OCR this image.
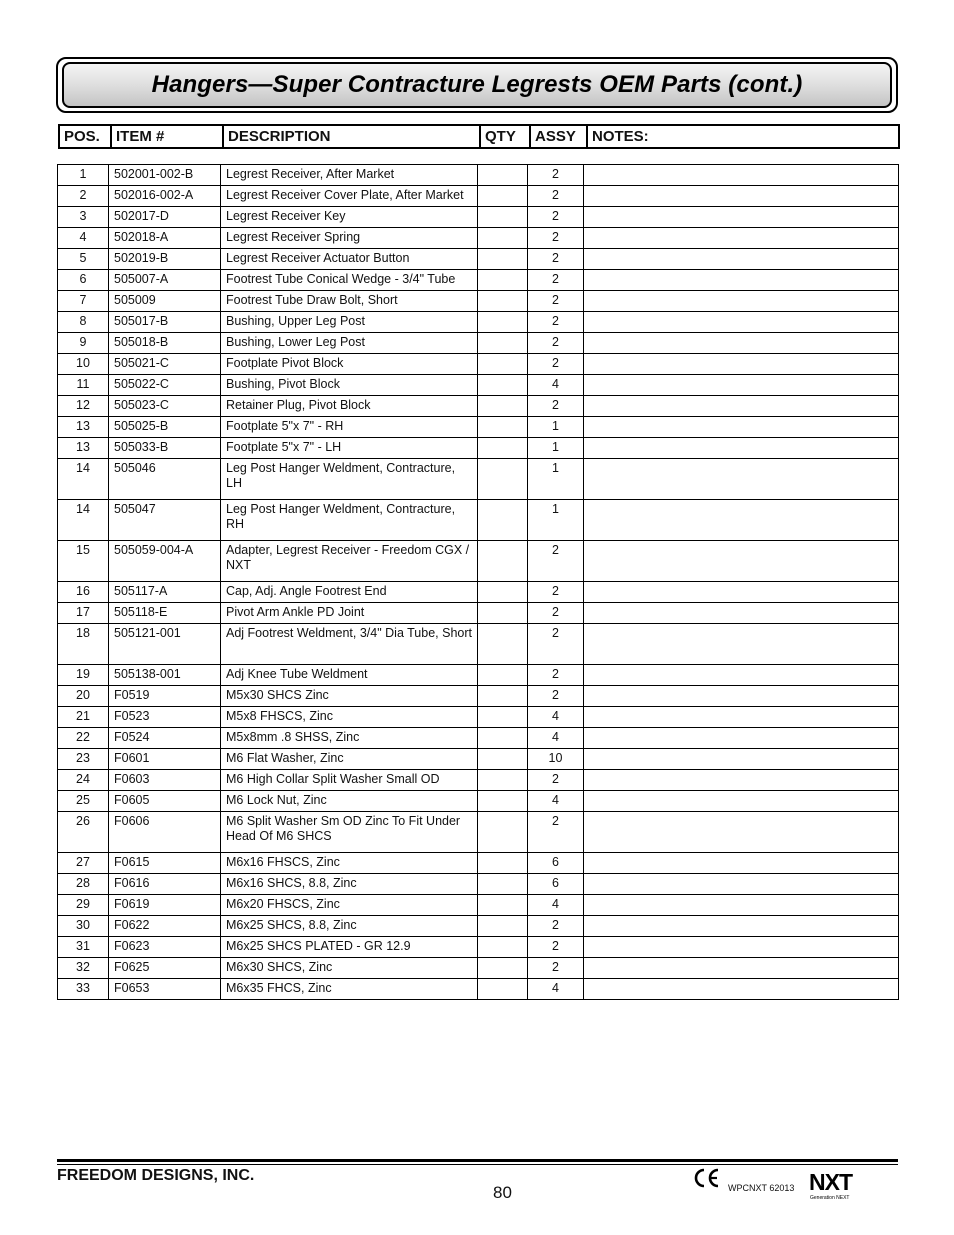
Hangers—Super Contracture Legrests OEM Parts (cont.)
POS.	ITEM #	DESCRIPTION	QTY	ASSY	NOTES:
1	502001-002-B	Legrest Receiver, After Market		2	
2	502016-002-A	Legrest Receiver Cover Plate, After Market		2	
3	502017-D	Legrest Receiver Key		2	
4	502018-A	Legrest Receiver Spring		2	
5	502019-B	Legrest Receiver Actuator Button		2	
6	505007-A	Footrest Tube Conical Wedge - 3/4" Tube		2	
7	505009	Footrest Tube Draw Bolt, Short		2	
8	505017-B	Bushing, Upper Leg Post		2	
9	505018-B	Bushing, Lower Leg Post		2	
10	505021-C	Footplate Pivot Block		2	
11	505022-C	Bushing, Pivot Block		4	
12	505023-C	Retainer Plug, Pivot Block		2	
13	505025-B	Footplate 5"x 7" - RH		1	
13	505033-B	Footplate 5"x 7" - LH		1	
14	505046	Leg Post Hanger Weldment, Contracture, LH		1	
14	505047	Leg Post Hanger Weldment, Contracture, RH		1	
15	505059-004-A	Adapter, Legrest Receiver - Freedom CGX / NXT		2	
16	505117-A	Cap, Adj. Angle Footrest End		2	
17	505118-E	Pivot Arm Ankle PD Joint		2	
18	505121-001	Adj Footrest Weldment, 3/4" Dia Tube, Short		2	
19	505138-001	Adj Knee Tube Weldment		2	
20	F0519	M5x30 SHCS Zinc		2	
21	F0523	M5x8 FHSCS, Zinc		4	
22	F0524	M5x8mm .8 SHSS, Zinc		4	
23	F0601	M6 Flat Washer, Zinc		10	
24	F0603	M6 High Collar Split Washer Small OD		2	
25	F0605	M6 Lock Nut, Zinc		4	
26	F0606	M6 Split Washer Sm OD Zinc To Fit Under Head Of M6 SHCS		2	
27	F0615	M6x16 FHSCS, Zinc		6	
28	F0616	M6x16 SHCS, 8.8, Zinc		6	
29	F0619	M6x20 FHSCS, Zinc		4	
30	F0622	M6x25 SHCS, 8.8, Zinc		2	
31	F0623	M6x25 SHCS PLATED - GR 12.9		2	
32	F0625	M6x30 SHCS, Zinc		2	
33	F0653	M6x35 FHCS, Zinc		4	
FREEDOM DESIGNS, INC.
80	WPCNXT 62013 NXT
Generation NEXT
